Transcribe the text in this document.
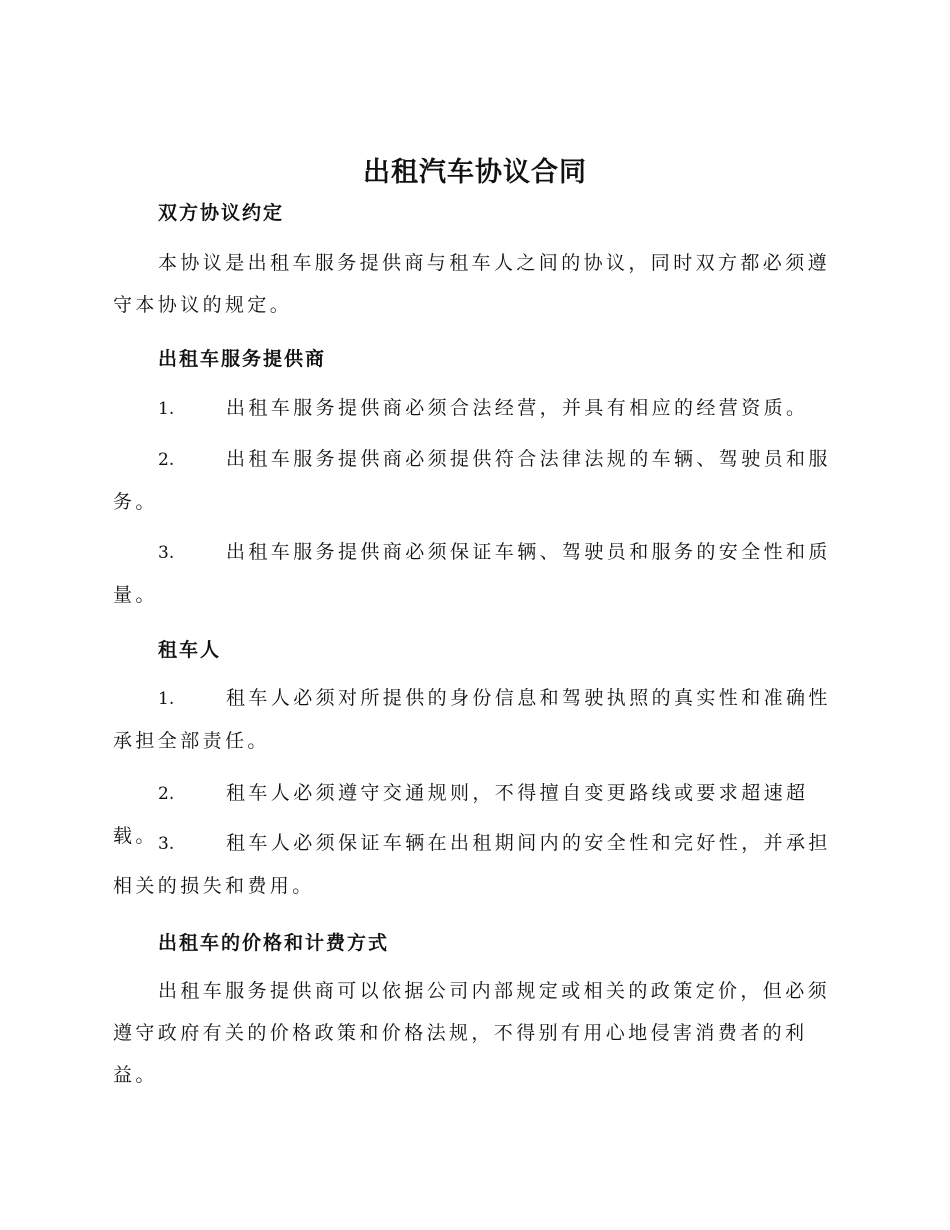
出租汽车协议合同
双方协议约定
本协议是出租车服务提供商与租车人之间的协议，同时双方都必须遵守本协议的规定。
出租车服务提供商
1.	出租车服务提供商必须合法经营，并具有相应的经营资质。
2.	出租车服务提供商必须提供符合法律法规的车辆、驾驶员和服务。
3.	出租车服务提供商必须保证车辆、驾驶员和服务的安全性和质量。
租车人
1.	租车人必须对所提供的身份信息和驾驶执照的真实性和准确性承担全部责任。
2.	租车人必须遵守交通规则，不得擅自变更路线或要求超速超载。 3.	租车人必须保证车辆在出租期间内的安全性和完好性，并承担相关的损失和费用。
出租车的价格和计费方式
出租车服务提供商可以依据公司内部规定或相关的政策定价，但必须遵守政府有关的价格政策和价格法规，不得别有用心地侵害消费者的利益。
